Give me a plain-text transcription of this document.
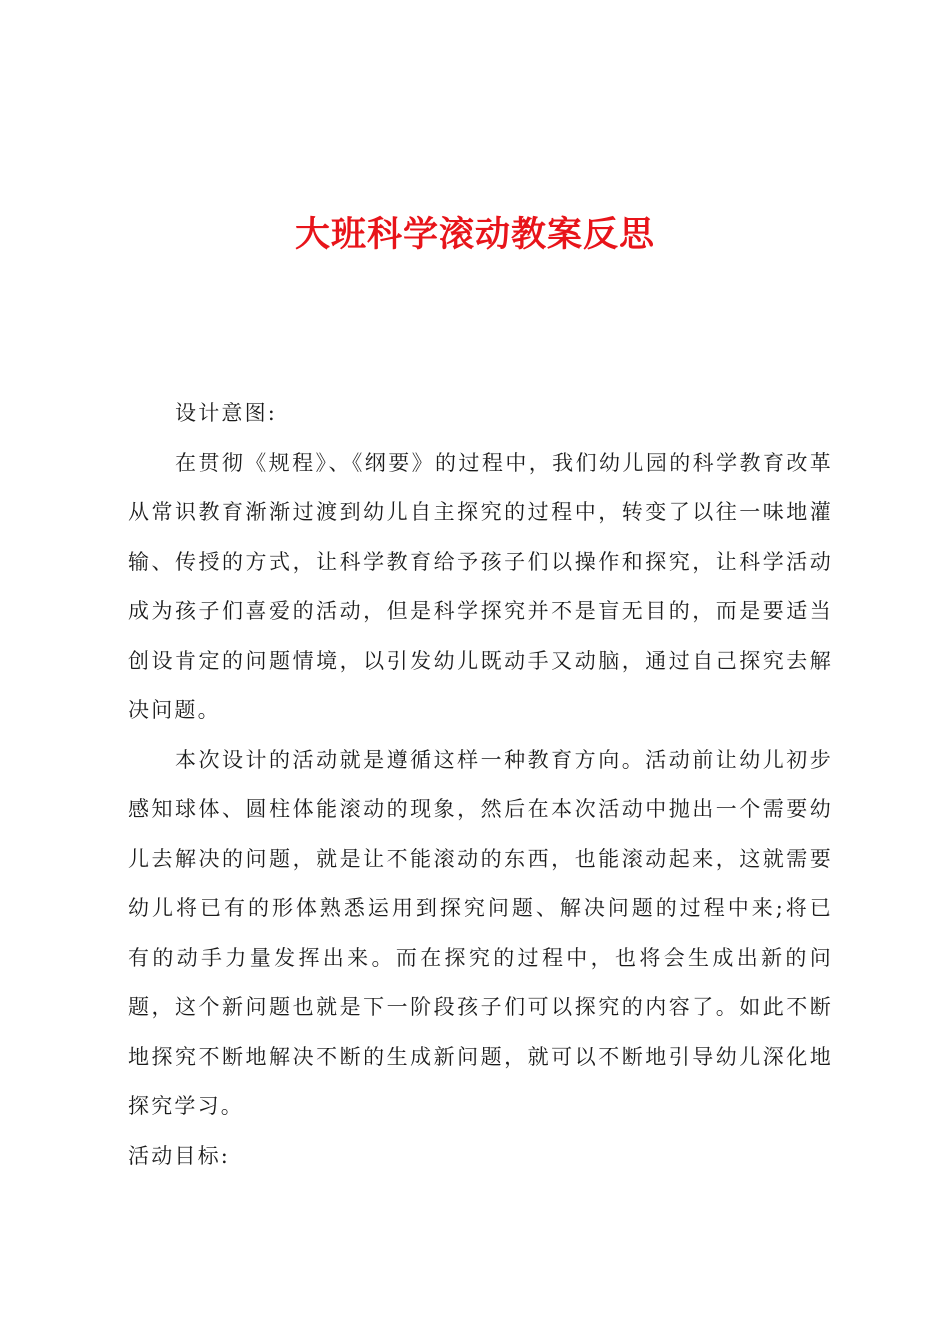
大班科学滚动教案反思

设计意图:

在贯彻《规程》、《纲要》的过程中，我们幼儿园的科学教育改革从常识教育渐渐过渡到幼儿自主探究的过程中，转变了以往一味地灌输、传授的方式，让科学教育给予孩子们以操作和探究，让科学活动成为孩子们喜爱的活动，但是科学探究并不是盲无目的，而是要适当创设肯定的问题情境，以引发幼儿既动手又动脑，通过自己探究去解决问题。

本次设计的活动就是遵循这样一种教育方向。活动前让幼儿初步感知球体、圆柱体能滚动的现象，然后在本次活动中抛出一个需要幼儿去解决的问题，就是让不能滚动的东西，也能滚动起来，这就需要幼儿将已有的形体熟悉运用到探究问题、解决问题的过程中来;将已有的动手力量发挥出来。而在探究的过程中，也将会生成出新的问题，这个新问题也就是下一阶段孩子们可以探究的内容了。如此不断地探究不断地解决不断的生成新问题，就可以不断地引导幼儿深化地探究学习。

活动目标:
